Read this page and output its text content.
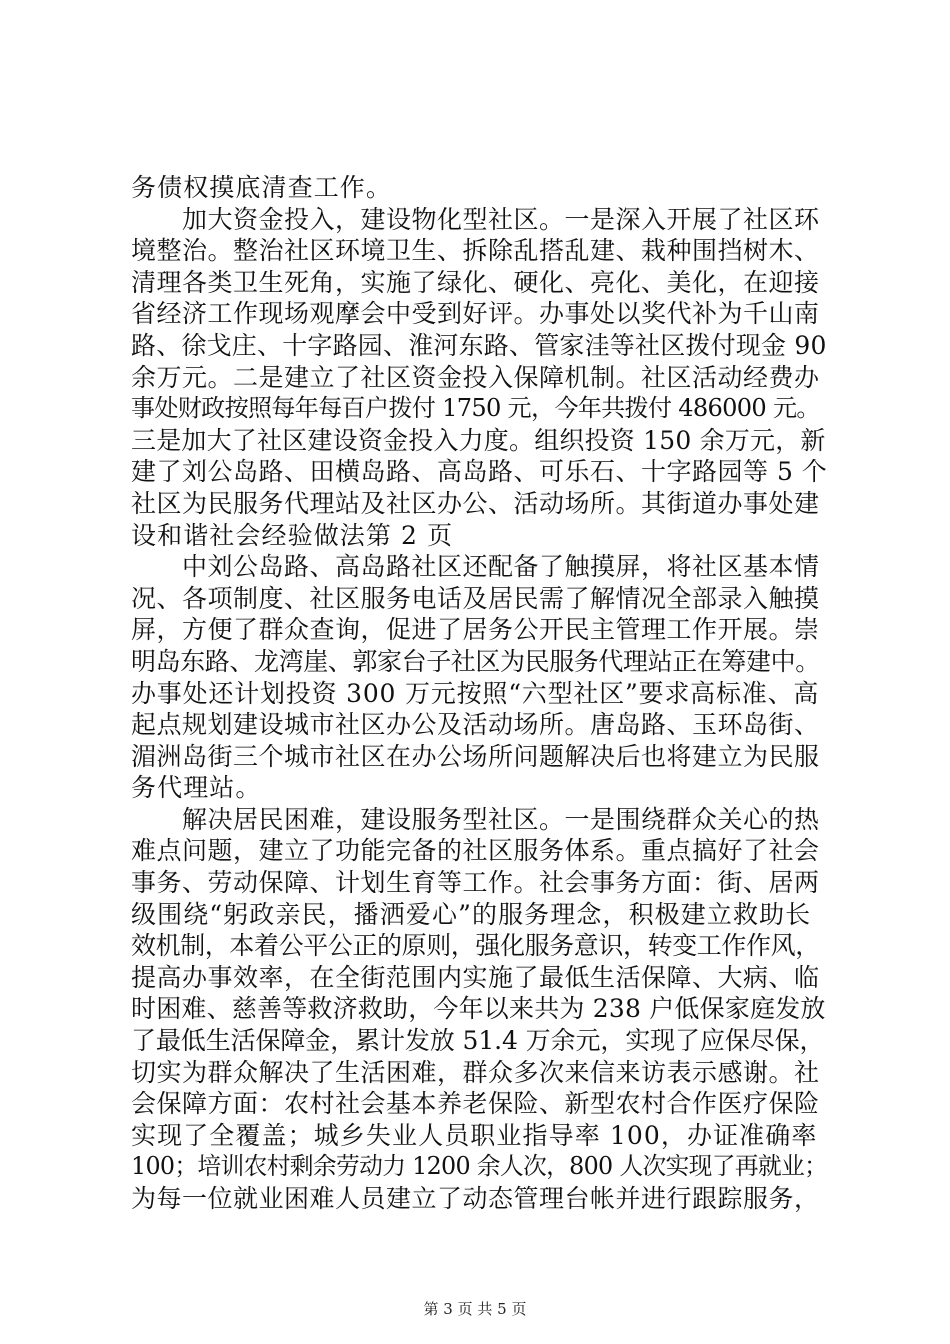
务债权摸底清查工作。
　　加大资金投入，建设物化型社区。一是深入开展了社区环
境整治。整治社区环境卫生、拆除乱搭乱建、栽种围挡树木、
清理各类卫生死角，实施了绿化、硬化、亮化、美化，在迎接
省经济工作现场观摩会中受到好评。办事处以奖代补为千山南
路、徐戈庄、十字路园、淮河东路、管家洼等社区拨付现金 90
余万元。二是建立了社区资金投入保障机制。社区活动经费办
事处财政按照每年每百户拨付 1750 元，今年共拨付 486000 元。
三是加大了社区建设资金投入力度。组织投资 150 余万元，新
建了刘公岛路、田横岛路、高岛路、可乐石、十字路园等 5 个
社区为民服务代理站及社区办公、活动场所。其街道办事处建
设和谐社会经验做法第 2 页
　　中刘公岛路、高岛路社区还配备了触摸屏，将社区基本情
况、各项制度、社区服务电话及居民需了解情况全部录入触摸
屏，方便了群众查询，促进了居务公开民主管理工作开展。崇
明岛东路、龙湾崖、郭家台子社区为民服务代理站正在筹建中。
办事处还计划投资 300 万元按照“六型社区”要求高标准、高
起点规划建设城市社区办公及活动场所。唐岛路、玉环岛街、
湄洲岛街三个城市社区在办公场所问题解决后也将建立为民服
务代理站。
　　解决居民困难，建设服务型社区。一是围绕群众关心的热
难点问题，建立了功能完备的社区服务体系。重点搞好了社会
事务、劳动保障、计划生育等工作。社会事务方面：街、居两
级围绕“躬政亲民，播洒爱心”的服务理念，积极建立救助长
效机制，本着公平公正的原则，强化服务意识，转变工作作风，
提高办事效率，在全街范围内实施了最低生活保障、大病、临
时困难、慈善等救济救助，今年以来共为 238 户低保家庭发放
了最低生活保障金，累计发放 51.4 万余元，实现了应保尽保，
切实为群众解决了生活困难，群众多次来信来访表示感谢。社
会保障方面：农村社会基本养老保险、新型农村合作医疗保险
实现了全覆盖；城乡失业人员职业指导率 100，办证准确率
100；培训农村剩余劳动力 1200 余人次，800 人次实现了再就业；
为每一位就业困难人员建立了动态管理台帐并进行跟踪服务，
第 3 页 共 5 页
